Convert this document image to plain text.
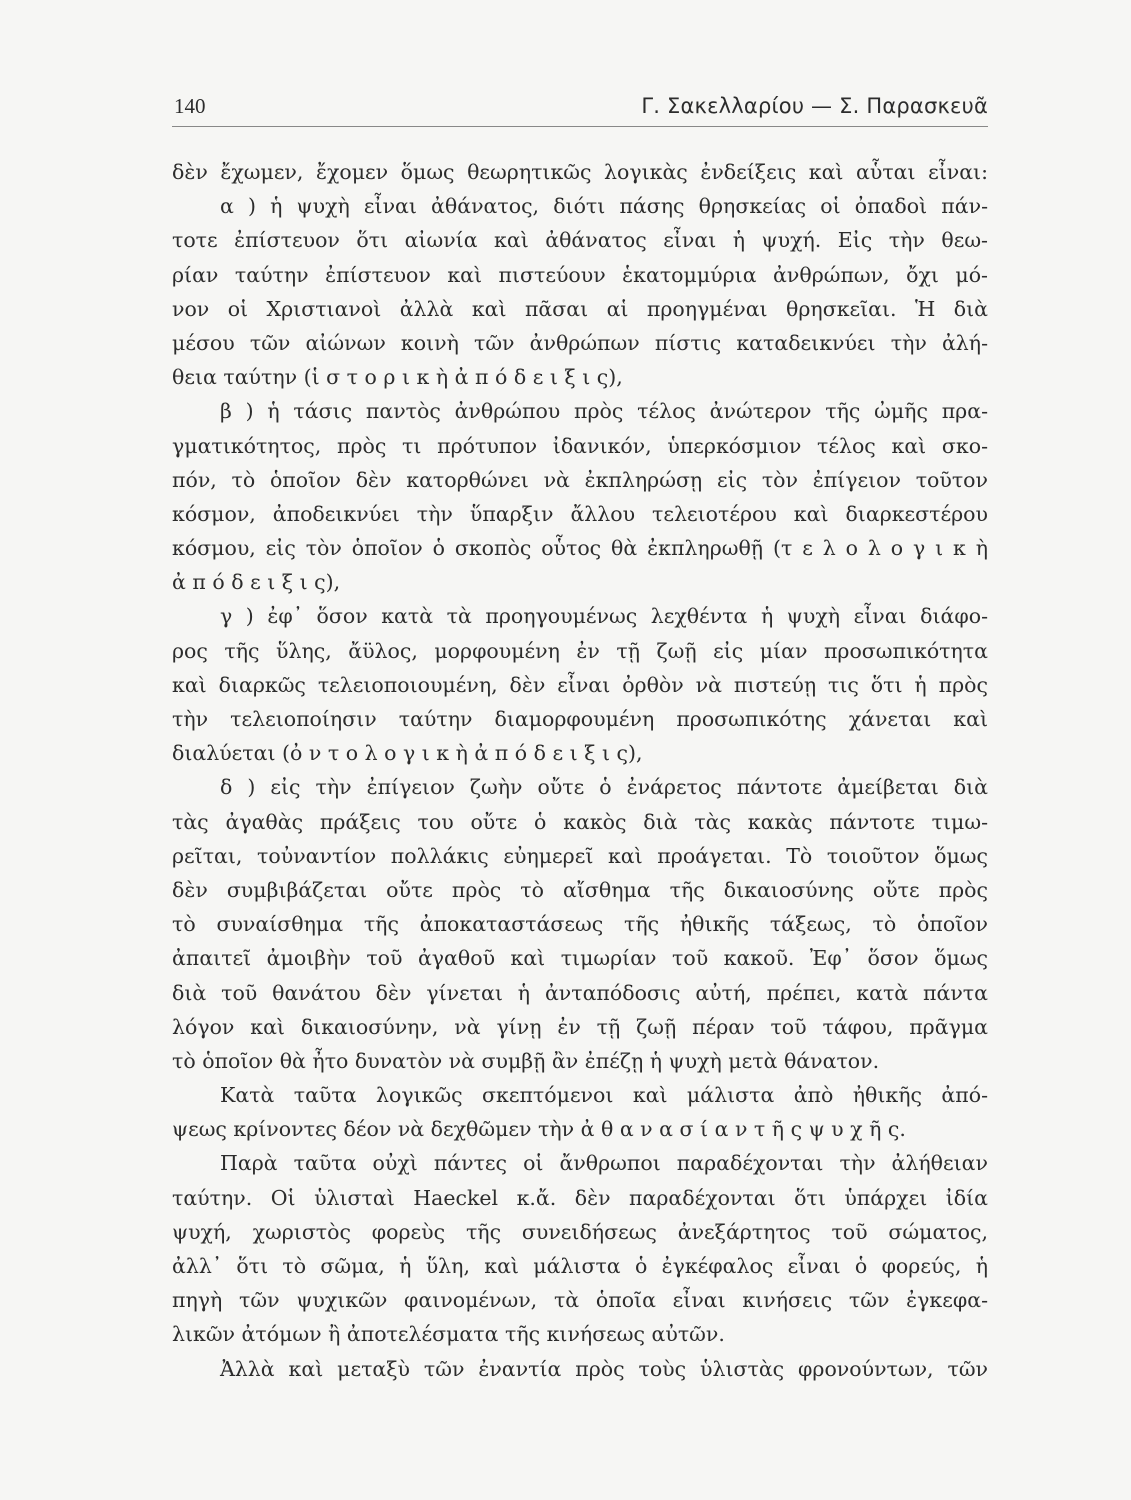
140	Γ. Σακελλαρίου — Σ. Παρασκευᾶ
δὲν ἔχωμεν, ἔχομεν ὅμως θεωρητικῶς λογικὰς ἐνδείξεις καὶ αὗται εἶναι:
α ) ἡ ψυχὴ εἶναι ἀθάνατος, διότι πάσης θρησκείας οἱ ὀπαδοὶ πάν-
τοτε ἐπίστευον ὅτι αἰωνία καὶ ἀθάνατος εἶναι ἡ ψυχή. Εἰς τὴν θεω-
ρίαν ταύτην ἐπίστευον καὶ πιστεύουν ἑκατομμύρια ἀνθρώπων, ὄχι μό-
νον οἱ Χριστιανοὶ ἀλλὰ καὶ πᾶσαι αἱ προηγμέναι θρησκεῖαι. Ἡ διὰ
μέσου τῶν αἰώνων κοινὴ τῶν ἀνθρώπων πίστις καταδεικνύει τὴν ἀλή-
θεια ταύτην (ἱ σ τ ο ρ ι κ ὴ ἀ π ό δ ε ι ξ ι ς),
β ) ἡ τάσις παντὸς ἀνθρώπου πρὸς τέλος ἀνώτερον τῆς ὠμῆς πρα-
γματικότητος, πρὸς τι πρότυπον ἰδανικόν, ὑπερκόσμιον τέλος καὶ σκο-
πόν, τὸ ὁποῖον δὲν κατορθώνει νὰ ἐκπληρώσῃ εἰς τὸν ἐπίγειον τοῦτον
κόσμον, ἀποδεικνύει τὴν ὕπαρξιν ἄλλου τελειοτέρου καὶ διαρκεστέρου
κόσμου, εἰς τὸν ὁποῖον ὁ σκοπὸς οὗτος θὰ ἐκπληρωθῇ (τ ε λ ο λ ο γ ι κ ὴ
ἀ π ό δ ε ι ξ ι ς),
γ ) ἐφ᾽ ὅσον κατὰ τὰ προηγουμένως λεχθέντα ἡ ψυχὴ εἶναι διάφο-
ρος τῆς ὕλης, ἄϋλος, μορφουμένη ἐν τῇ ζωῇ εἰς μίαν προσωπικότητα
καὶ διαρκῶς τελειοποιουμένη, δὲν εἶναι ὀρθὸν νὰ πιστεύῃ τις ὅτι ἡ πρὸς
τὴν τελειοποίησιν ταύτην διαμορφουμένη προσωπικότης χάνεται καὶ
διαλύεται (ὀ ν τ ο λ ο γ ι κ ὴ ἀ π ό δ ε ι ξ ι ς),
δ ) εἰς τὴν ἐπίγειον ζωὴν οὔτε ὁ ἐνάρετος πάντοτε ἀμείβεται διὰ
τὰς ἀγαθὰς πράξεις του οὔτε ὁ κακὸς διὰ τὰς κακὰς πάντοτε τιμω-
ρεῖται, τοὐναντίον πολλάκις εὐημερεῖ καὶ προάγεται. Τὸ τοιοῦτον ὅμως
δὲν συμβιβάζεται οὔτε πρὸς τὸ αἴσθημα τῆς δικαιοσύνης οὔτε πρὸς
τὸ συναίσθημα τῆς ἀποκαταστάσεως τῆς ἠθικῆς τάξεως, τὸ ὁποῖον
ἀπαιτεῖ ἀμοιβὴν τοῦ ἀγαθοῦ καὶ τιμωρίαν τοῦ κακοῦ. Ἐφ᾽ ὅσον ὅμως
διὰ τοῦ θανάτου δὲν γίνεται ἡ ἀνταπόδοσις αὐτή, πρέπει, κατὰ πάντα
λόγον καὶ δικαιοσύνην, νὰ γίνῃ ἐν τῇ ζωῇ πέραν τοῦ τάφου, πρᾶγμα
τὸ ὁποῖον θὰ ἦτο δυνατὸν νὰ συμβῇ ἂν ἐπέζῃ ἡ ψυχὴ μετὰ θάνατον.
Κατὰ ταῦτα λογικῶς σκεπτόμενοι καὶ μάλιστα ἀπὸ ἠθικῆς ἀπό-
ψεως κρίνοντες δέον νὰ δεχθῶμεν τὴν ἀ θ α ν α σ ί α ν τ ῆ ς ψ υ χ ῆ ς.
Παρὰ ταῦτα οὐχὶ πάντες οἱ ἄνθρωποι παραδέχονται τὴν ἀλήθειαν
ταύτην. Οἱ ὑλισταὶ Haeckel κ.ἄ. δὲν παραδέχονται ὅτι ὑπάρχει ἰδία
ψυχή, χωριστὸς φορεὺς τῆς συνειδήσεως ἀνεξάρτητος τοῦ σώματος,
ἀλλ᾽ ὅτι τὸ σῶμα, ἡ ὕλη, καὶ μάλιστα ὁ ἐγκέφαλος εἶναι ὁ φορεύς, ἡ
πηγὴ τῶν ψυχικῶν φαινομένων, τὰ ὁποῖα εἶναι κινήσεις τῶν ἐγκεφα-
λικῶν ἀτόμων ἢ ἀποτελέσματα τῆς κινήσεως αὐτῶν.
Ἀλλὰ καὶ μεταξὺ τῶν ἐναντία πρὸς τοὺς ὑλιστὰς φρονούντων, τῶν
